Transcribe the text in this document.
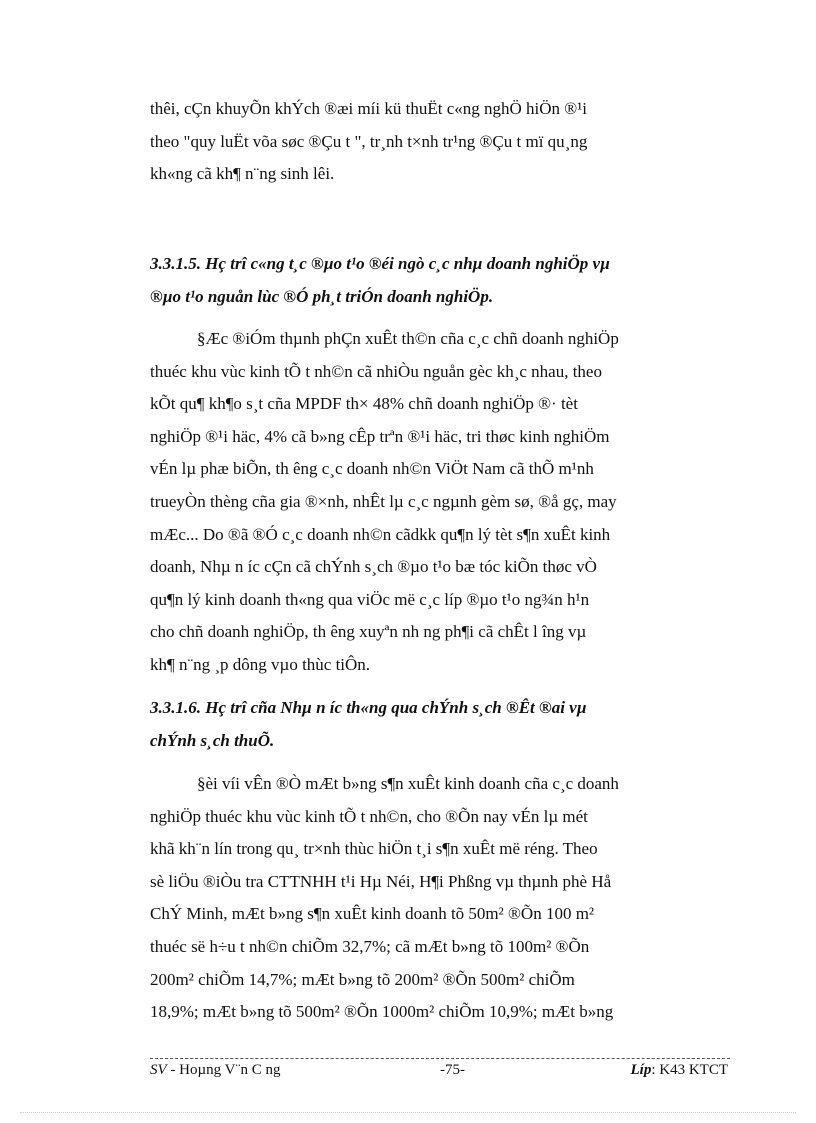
thêi, cÇn khuyÕn khÝch ®æi míi kü thuËt c«ng nghÖ hiÖn ®¹i
theo "quy luËt võa søc ®Çu t ", tr¸nh t×nh tr¹ng ®Çu t mï qu¸ng
kh«ng cã kh¶ n¨ng sinh lêi.

3.3.1.5. Hç trî c«ng t¸c ®µo t¹o ®éi ngò c¸c nhµ doanh nghiÖp vµ
®µo t¹o nguån lùc ®Ó ph¸t triÓn doanh nghiÖp.

§Æc ®iÓm thµnh phÇn xuÊt th©n cña c¸c chñ doanh nghiÖp
thuéc khu vùc kinh tÕ t nh©n cã nhiÒu nguån gèc kh¸c nhau, theo
kÕt qu¶ kh¶o s¸t cña MPDF th× 48% chñ doanh nghiÖp ®· tèt
nghiÖp ®¹i häc, 4% cã b»ng cÊp trªn ®¹i häc, tri thøc kinh nghiÖm
vÉn lµ phæ biÕn, th êng c¸c doanh nh©n ViÖt Nam cã thÕ m¹nh
trueyÒn thèng cña gia ®×nh, nhÊt lµ c¸c ngµnh gèm sø, ®å gç, may
mÆc... Do ®ã ®Ó c¸c doanh nh©n cãdkk qu¶n lý tèt s¶n xuÊt kinh
doanh, Nhµ n íc cÇn cã chÝnh s¸ch ®µo t¹o bæ tóc kiÕn thøc vÒ
qu¶n lý kinh doanh th«ng qua viÖc më c¸c líp ®µo t¹o ng¾n h¹n
cho chñ doanh nghiÖp, th êng xuyªn nh ng ph¶i cã chÊt l îng vµ
kh¶ n¨ng ¸p dông vµo thùc tiÔn.

3.3.1.6. Hç trî cña Nhµ n íc th«ng qua chÝnh s¸ch ®Êt ®ai vµ
chÝnh s¸ch thuÕ.

§èi víi vÊn ®Ò mÆt b»ng s¶n xuÊt kinh doanh cña c¸c doanh
nghiÖp thuéc khu vùc kinh tÕ t nh©n, cho ®Õn nay vÉn lµ mét
khã kh¨n lín trong qu¸ tr×nh thùc hiÖn t¸i s¶n xuÊt më réng. Theo
sè liÖu ®iÒu tra CTTNHH t¹i Hµ Néi, H¶i Phßng vµ thµnh phè Hå
ChÝ Minh, mÆt b»ng s¶n xuÊt kinh doanh tõ 50m² ®Õn 100 m²
thuéc së h÷u t nh©n chiÕm 32,7%; cã mÆt b»ng tõ 100m² ®Õn
200m² chiÕm 14,7%; mÆt b»ng tõ 200m² ®Õn 500m² chiÕm
18,9%; mÆt b»ng tõ 500m² ®Õn 1000m² chiÕm 10,9%; mÆt b»ng

SV - Hoµng V¨n C ng	-75-	Líp: K43 KTCT
